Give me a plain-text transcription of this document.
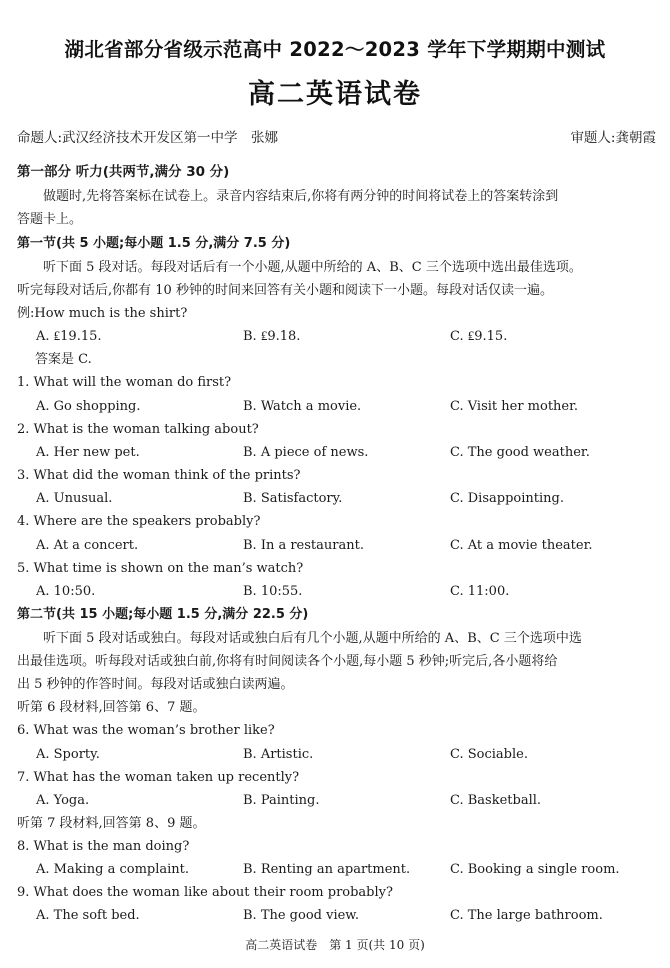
湖北省部分省级示范高中 2022～2023 学年下学期期中测试
高二英语试卷
命题人:武汉经济技术开发区第一中学　张娜	审题人:龚朝霞
第一部分 听力(共两节,满分 30 分)
　　做题时,先将答案标在试卷上。录音内容结束后,你将有两分钟的时间将试卷上的答案转涂到
答题卡上。
第一节(共 5 小题;每小题 1.5 分,满分 7.5 分)
　　听下面 5 段对话。每段对话后有一个小题,从题中所给的 A、B、C 三个选项中选出最佳选项。
听完每段对话后,你都有 10 秒钟的时间来回答有关小题和阅读下一小题。每段对话仅读一遍。
例:How much is the shirt?
A. ₤19.15.	B. ₤9.18.	C. ₤9.15.
　答案是 C.
1. What will the woman do first?
A. Go shopping.	B. Watch a movie.	C. Visit her mother.
2. What is the woman talking about?
A. Her new pet.	B. A piece of news.	C. The good weather.
3. What did the woman think of the prints?
A. Unusual.	B. Satisfactory.	C. Disappointing.
4. Where are the speakers probably?
A. At a concert.	B. In a restaurant.	C. At a movie theater.
5. What time is shown on the man’s watch?
A. 10:50.	B. 10:55.	C. 11:00.
第二节(共 15 小题;每小题 1.5 分,满分 22.5 分)
　　听下面 5 段对话或独白。每段对话或独白后有几个小题,从题中所给的 A、B、C 三个选项中选
出最佳选项。听每段对话或独白前,你将有时间阅读各个小题,每小题 5 秒钟;听完后,各小题将给
出 5 秒钟的作答时间。每段对话或独白读两遍。
听第 6 段材料,回答第 6、7 题。
6. What was the woman’s brother like?
A. Sporty.	B. Artistic.	C. Sociable.
7. What has the woman taken up recently?
A. Yoga.	B. Painting.	C. Basketball.
听第 7 段材料,回答第 8、9 题。
8. What is the man doing?
A. Making a complaint.	B. Renting an apartment.	C. Booking a single room.
9. What does the woman like about their room probably?
A. The soft bed.	B. The good view.	C. The large bathroom.
高二英语试卷　第 1 页(共 10 页)
